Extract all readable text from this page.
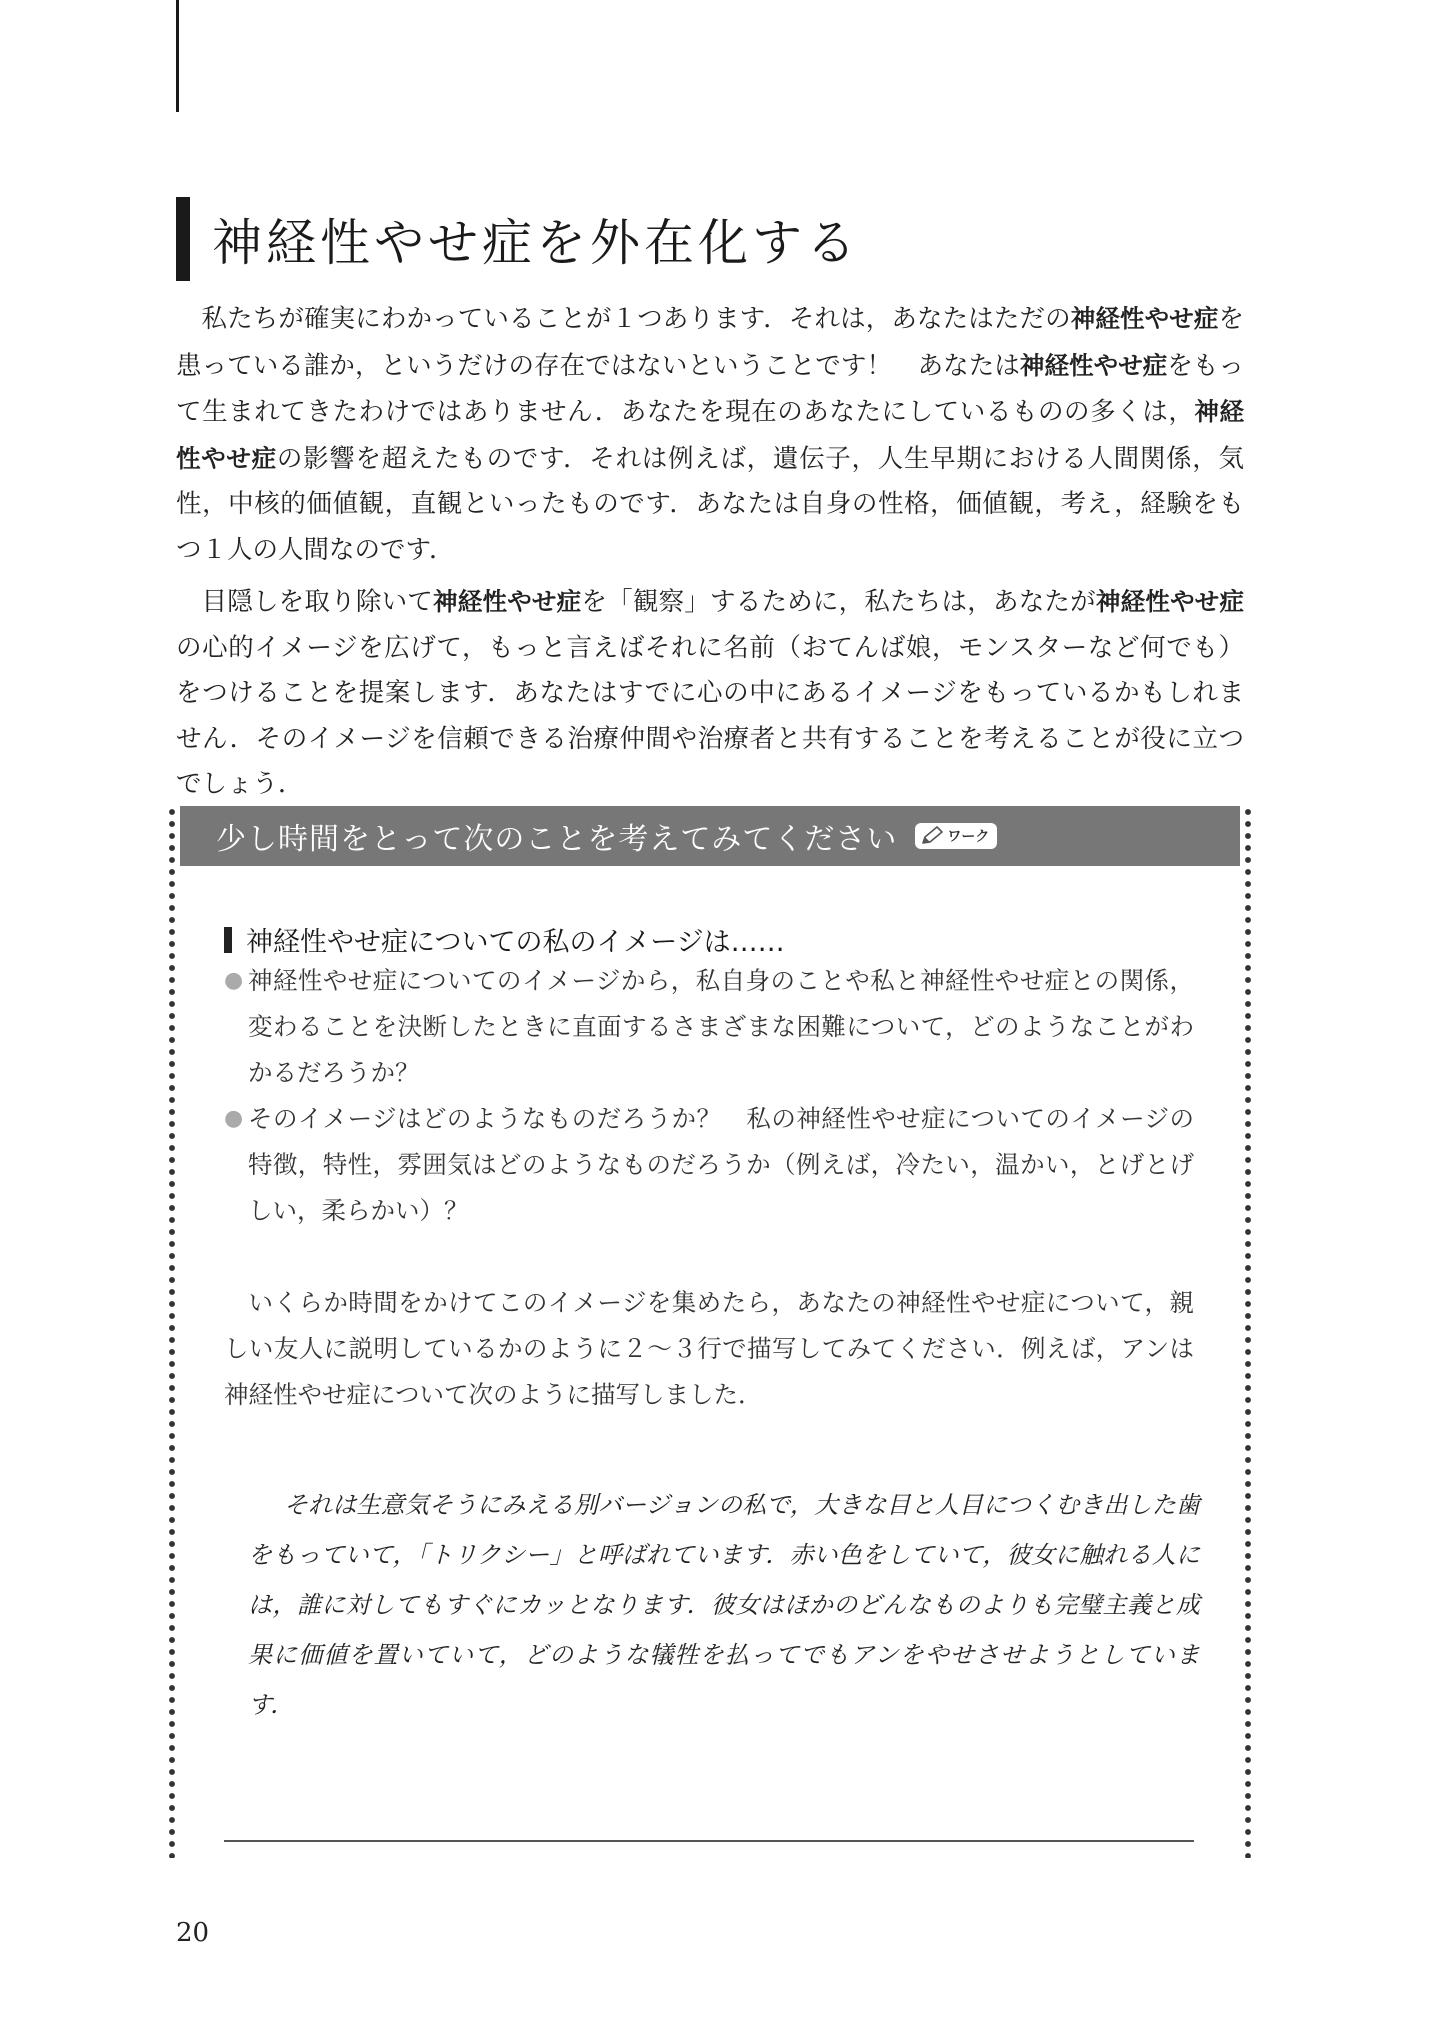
神経性やせ症を外在化する

私たちが確実にわかっていることが１つあります．それは，あなたはただの神経性やせ症を患っている誰か，というだけの存在ではないということです！　あなたは神経性やせ症をもって生まれてきたわけではありません．あなたを現在のあなたにしているものの多くは，神経性やせ症の影響を超えたものです．それは例えば，遺伝子，人生早期における人間関係，気性，中核的価値観，直観といったものです．あなたは自身の性格，価値観，考え，経験をもつ１人の人間なのです．

目隠しを取り除いて神経性やせ症を「観察」するために，私たちは，あなたが神経性やせ症の心的イメージを広げて，もっと言えばそれに名前（おてんば娘，モンスターなど何でも）をつけることを提案します．あなたはすでに心の中にあるイメージをもっているかもしれません．そのイメージを信頼できる治療仲間や治療者と共有することを考えることが役に立つでしょう．

少し時間をとって次のことを考えてみてください	ワーク
神経性やせ症についての私のイメージは……
● 神経性やせ症についてのイメージから，私自身のことや私と神経性やせ症との関係，変わることを決断したときに直面するさまざまな困難について，どのようなことがわかるだろうか？
● そのイメージはどのようなものだろうか？　私の神経性やせ症についてのイメージの特徴，特性，雰囲気はどのようなものだろうか（例えば，冷たい，温かい，とげとげしい，柔らかい）？

いくらか時間をかけてこのイメージを集めたら，あなたの神経性やせ症について，親しい友人に説明しているかのように２～３行で描写してみてください．例えば，アンは神経性やせ症について次のように描写しました．

それは生意気そうにみえる別バージョンの私で，大きな目と人目につくむき出した歯をもっていて，「トリクシー」と呼ばれています．赤い色をしていて，彼女に触れる人には，誰に対してもすぐにカッとなります．彼女はほかのどんなものよりも完璧主義と成果に価値を置いていて，どのような犠牲を払ってでもアンをやせさせようとしています．

20
